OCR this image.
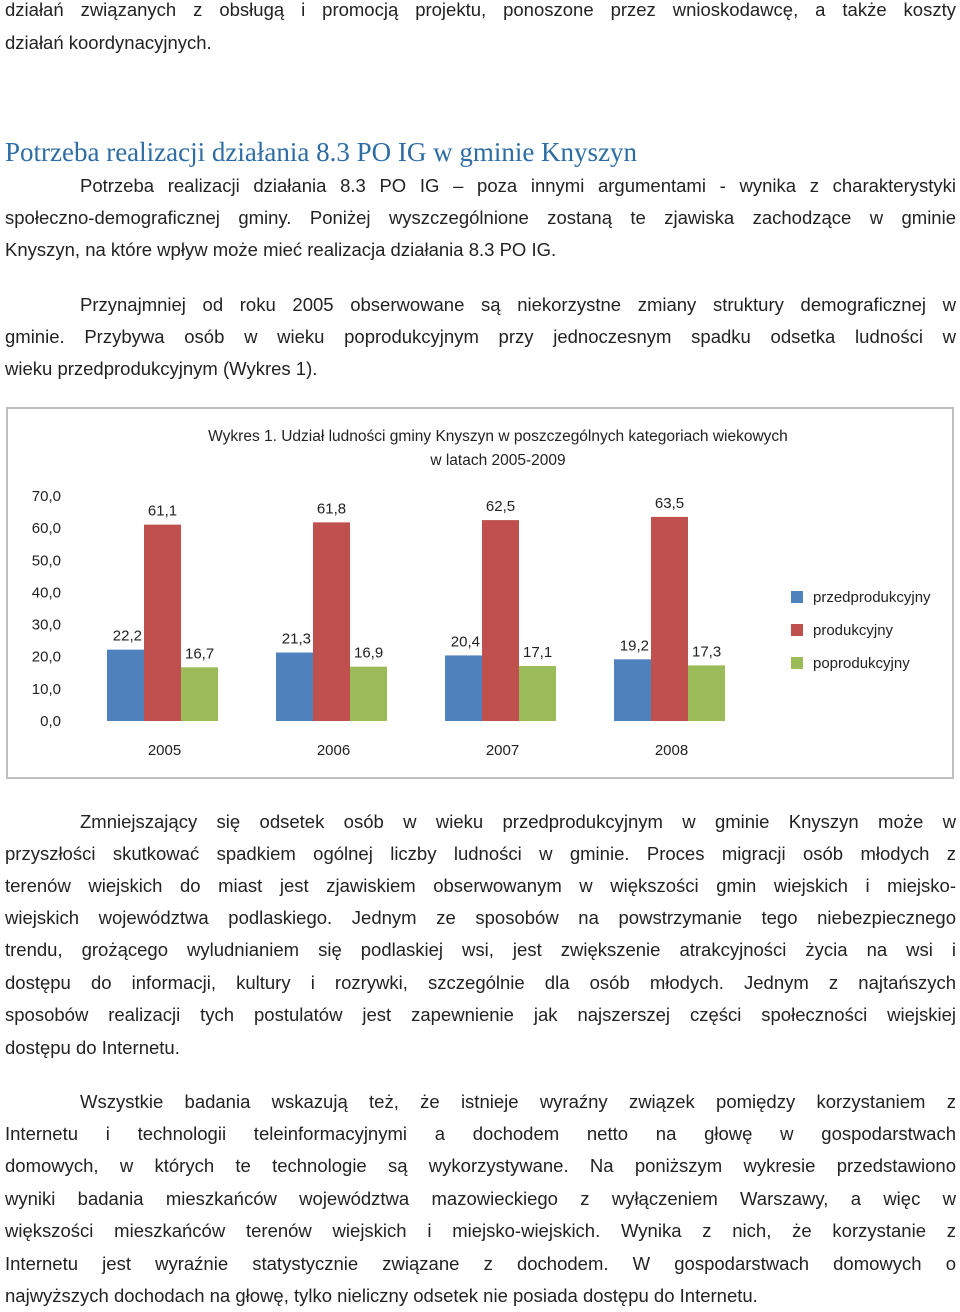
działań związanych z obsługą i promocją projektu, ponoszone przez wnioskodawcę, a także koszty
działań koordynacyjnych.
Potrzeba realizacji działania 8.3 PO IG w gminie Knyszyn
Potrzeba realizacji działania 8.3 PO IG – poza innymi argumentami - wynika z charakterystyki
społeczno-demograficznej gminy. Poniżej wyszczególnione zostaną te zjawiska zachodzące w gminie
Knyszyn, na które wpływ może mieć realizacja działania 8.3 PO IG.
Przynajmniej od roku 2005 obserwowane są niekorzystne zmiany struktury demograficznej w
gminie. Przybywa osób w wieku poprodukcyjnym przy jednoczesnym spadku odsetka ludności w
wieku przedprodukcyjnym (Wykres 1).
Wykres 1. Udział ludności gminy Knyszyn w poszczególnych kategoriach wiekowych
w latach 2005-2009
0,0
10,0
20,0
30,0
40,0
50,0
60,0
70,0
22,2
61,1
16,7
2005
21,3
61,8
16,9
2006
20,4
62,5
17,1
2007
19,2
63,5
17,3
2008
przedprodukcyjny
produkcyjny
poprodukcyjny
Zmniejszający się odsetek osób w wieku przedprodukcyjnym w gminie Knyszyn może w
przyszłości skutkować spadkiem ogólnej liczby ludności w gminie. Proces migracji osób młodych z
terenów wiejskich do miast jest zjawiskiem obserwowanym w większości gmin wiejskich i miejsko-
wiejskich województwa podlaskiego. Jednym ze sposobów na powstrzymanie tego niebezpiecznego
trendu, grożącego wyludnianiem się podlaskiej wsi, jest zwiększenie atrakcyjności życia na wsi i
dostępu do informacji, kultury i rozrywki, szczególnie dla osób młodych. Jednym z najtańszych
sposobów realizacji tych postulatów jest zapewnienie jak najszerszej części społeczności wiejskiej
dostępu do Internetu.
Wszystkie badania wskazują też, że istnieje wyraźny związek pomiędzy korzystaniem z
Internetu i technologii teleinformacyjnymi a dochodem netto na głowę w gospodarstwach
domowych, w których te technologie są wykorzystywane. Na poniższym wykresie przedstawiono
wyniki badania mieszkańców województwa mazowieckiego z wyłączeniem Warszawy, a więc w
większości mieszkańców terenów wiejskich i miejsko-wiejskich. Wynika z nich, że korzystanie z
Internetu jest wyraźnie statystycznie związane z dochodem. W gospodarstwach domowych o
najwyższych dochodach na głowę, tylko nieliczny odsetek nie posiada dostępu do Internetu.
